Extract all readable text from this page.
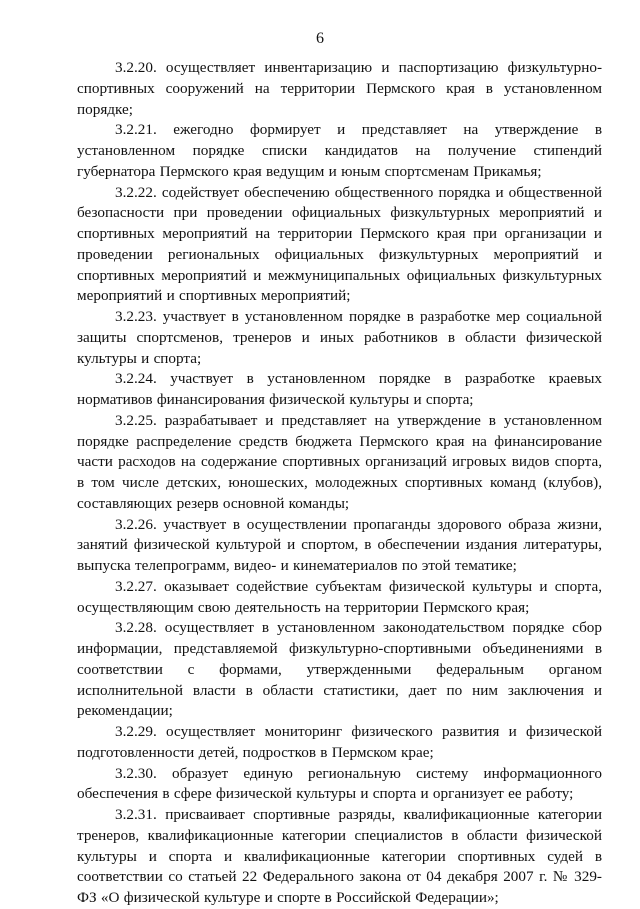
6

3.2.20. осуществляет инвентаризацию и паспортизацию физкультурно-спортивных сооружений на территории Пермского края в установленном порядке;

3.2.21. ежегодно формирует и представляет на утверждение в установленном порядке списки кандидатов на получение стипендий губернатора Пермского края ведущим и юным спортсменам Прикамья;

3.2.22. содействует обеспечению общественного порядка и общественной безопасности при проведении официальных физкультурных мероприятий и спортивных мероприятий на территории Пермского края при организации и проведении региональных официальных физкультурных мероприятий и спортивных мероприятий и межмуниципальных официальных физкультурных мероприятий и спортивных мероприятий;

3.2.23. участвует в установленном порядке в разработке мер социальной защиты спортсменов, тренеров и иных работников в области физической культуры и спорта;

3.2.24. участвует в установленном порядке в разработке краевых нормативов финансирования физической культуры и спорта;

3.2.25. разрабатывает и представляет на утверждение в установленном порядке распределение средств бюджета Пермского края на финансирование части расходов на содержание спортивных организаций игровых видов спорта, в том числе детских, юношеских, молодежных спортивных команд (клубов), составляющих резерв основной команды;

3.2.26. участвует в осуществлении пропаганды здорового образа жизни, занятий физической культурой и спортом, в обеспечении издания литературы, выпуска телепрограмм, видео- и кинематериалов по этой тематике;

3.2.27. оказывает содействие субъектам физической культуры и спорта, осуществляющим свою деятельность на территории Пермского края;

3.2.28. осуществляет в установленном законодательством порядке сбор информации, представляемой физкультурно-спортивными объединениями в соответствии с формами, утвержденными федеральным органом исполнительной власти в области статистики, дает по ним заключения и рекомендации;

3.2.29. осуществляет мониторинг физического развития и физической подготовленности детей, подростков в Пермском крае;

3.2.30. образует единую региональную систему информационного обеспечения в сфере физической культуры и спорта и организует ее работу;

3.2.31. присваивает спортивные разряды, квалификационные категории тренеров, квалификационные категории специалистов в области физической культуры и спорта и квалификационные категории спортивных судей в соответствии со статьей 22 Федерального закона от 04 декабря 2007 г. № 329-ФЗ «О физической культуре и спорте в Российской Федерации»;
